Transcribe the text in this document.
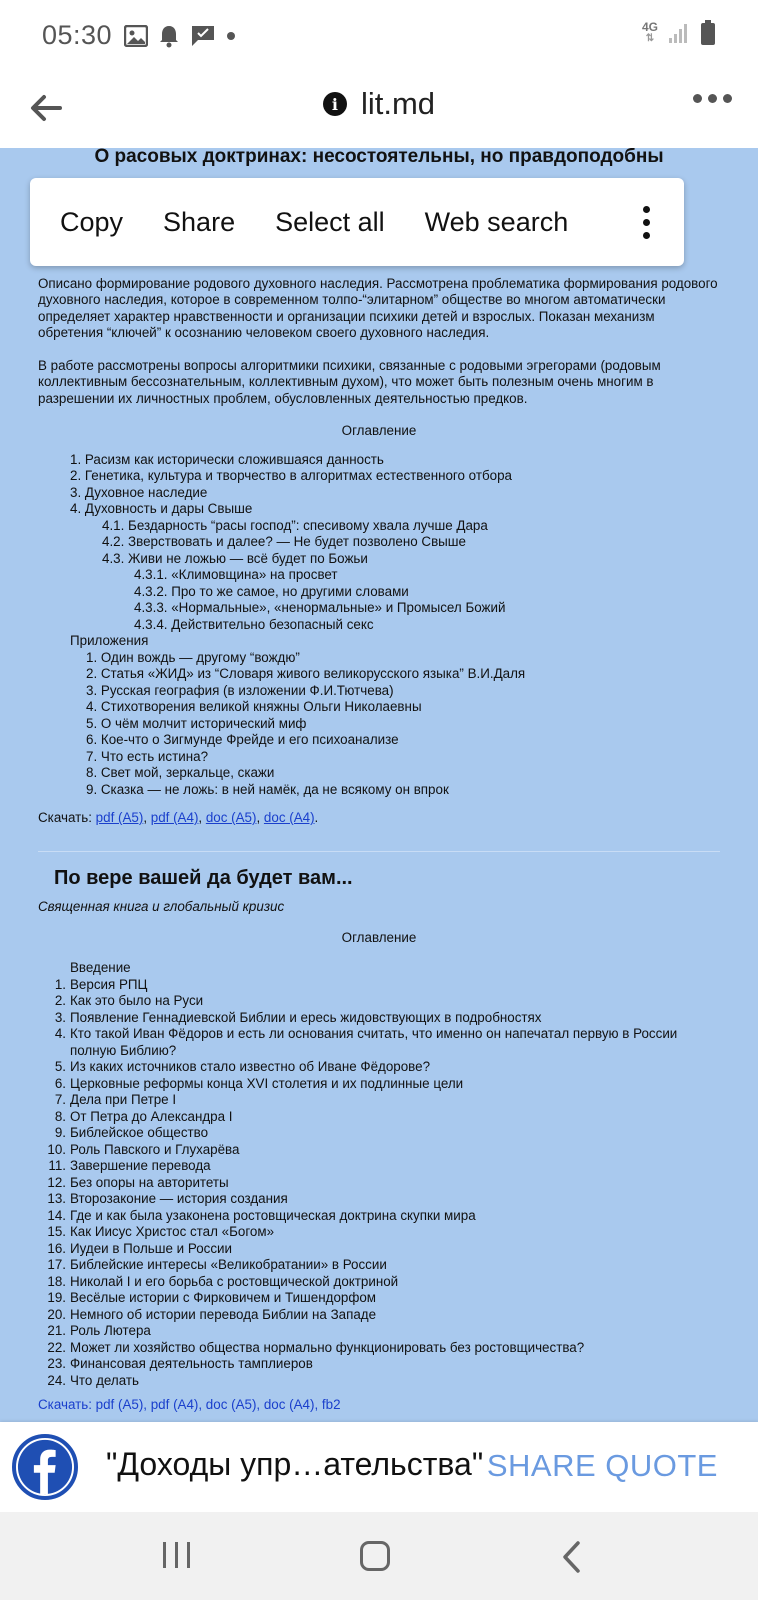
05:30	4G
⇅
i lit.md
О расовых доктринах: несостоятельны, но правдоподобны
Описано формирование родового духовного наследия. Рассмотрена проблематика формирования родового духовного наследия, которое в современном толпо-“элитарном” обществе во многом автоматически определяет характер нравственности и организации психики детей и взрослых. Показан механизм обретения “ключей” к осознанию человеком своего духовного наследия.
В работе рассмотрены вопросы алгоритмики психики, связанные с родовыми эгрегорами (родовым коллективным бессознательным, коллективным духом), что может быть полезным очень многим в разрешении их личностных проблем, обусловленных деятельностью предков.
Оглавление
1. Расизм как исторически сложившаяся данность
2. Генетика, культура и творчество в алгоритмах естественного отбора
3. Духовное наследие
4. Духовность и дары Свыше
4.1. Бездарность “расы господ”: спесивому хвала лучше Дара
4.2. Зверствовать и далее? — Не будет позволено Свыше
4.3. Живи не ложью — всё будет по Божьи
4.3.1. «Климовщина» на просвет
4.3.2. Про то же самое, но другими словами
4.3.3. «Нормальные», «ненормальные» и Промысел Божий
4.3.4. Действительно безопасный секс
Приложения
1. Один вождь — другому “вождю”
2. Статья «ЖИД» из “Словаря живого великорусского языка” В.И.Даля
3. Русская география (в изложении Ф.И.Тютчева)
4. Стихотворения великой княжны Ольги Николаевны
5. О чём молчит исторический миф
6. Кое-что о Зигмунде Фрейде и его психоанализе
7. Что есть истина?
8. Свет мой, зеркальце, скажи
9. Сказка — не ложь: в ней намёк, да не всякому он впрок
Скачать: pdf (A5), pdf (A4), doc (A5), doc (A4).
По вере вашей да будет вам...
Священная книга и глобальный кризис
Оглавление
Введение
1. Версия РПЦ
2. Как это было на Руси
3. Появление Геннадиевской Библии и ересь жидовствующих в подробностях
4. Кто такой Иван Фёдоров и есть ли основания считать, что именно он напечатал первую в России полную Библию?
5. Из каких источников стало известно об Иване Фёдорове?
6. Церковные реформы конца XVI столетия и их подлинные цели
7. Дела при Петре I
8. От Петра до Александра I
9. Библейское общество
10. Роль Павского и Глухарёва
11. Завершение перевода
12. Без опоры на авторитеты
13. Второзаконие — история создания
14. Где и как была узаконена ростовщическая доктрина скупки мира
15. Как Иисус Христос стал «Богом»
16. Иудеи в Польше и России
17. Библейские интересы «Великобратании» в России
18. Николай I и его борьба с ростовщической доктриной
19. Весёлые истории с Фирковичем и Тишендорфом
20. Немного об истории перевода Библии на Западе
21. Роль Лютера
22. Может ли хозяйство общества нормально функционировать без ростовщичества?
23. Финансовая деятельность тамплиеров
24. Что делать
Скачать: pdf (A5), pdf (A4), doc (A5), doc (A4), fb2
Copy Share Select all Web search
"Доходы упр…ательства" SHARE QUOTE
